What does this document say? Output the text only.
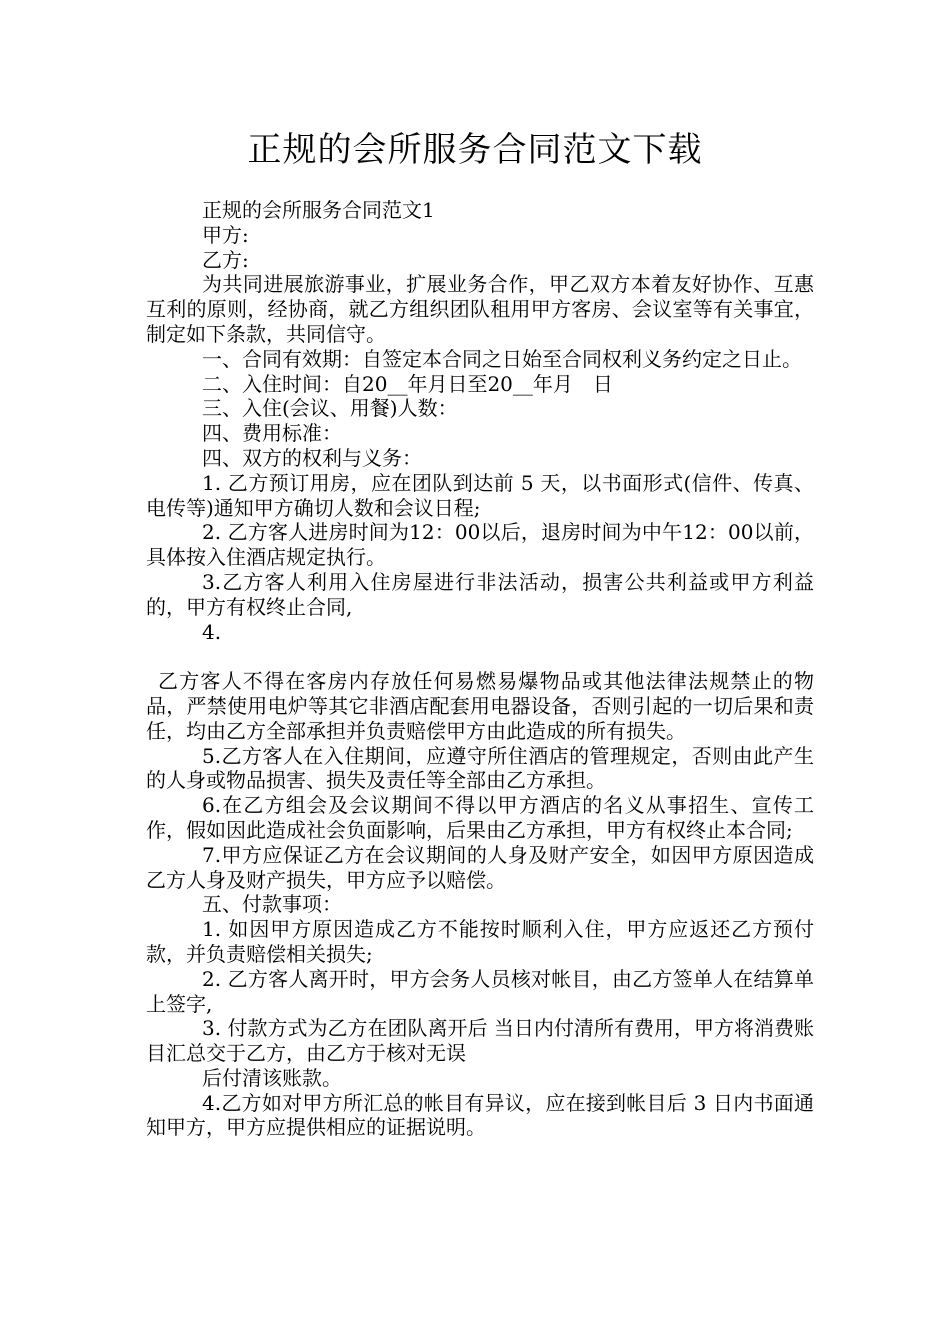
正规的会所服务合同范文下载

正规的会所服务合同范文1

甲方:

乙方:

为共同进展旅游事业，扩展业务合作，甲乙双方本着友好协作、互惠互利的原则，经协商，就乙方组织团队租用甲方客房、会议室等有关事宜，制定如下条款，共同信守。

一、合同有效期：自签定本合同之日始至合同权利义务约定之日止。

二、入住时间：自20__年月日至20__年月　日

三、入住(会议、用餐)人数：

四、费用标准：

四、双方的权利与义务：

1. 乙方预订用房，应在团队到达前 5 天，以书面形式(信件、传真、电传等)通知甲方确切人数和会议日程;

2. 乙方客人进房时间为12：00以后，退房时间为中午12：00以前，具体按入住酒店规定执行。

3.乙方客人利用入住房屋进行非法活动，损害公共利益或甲方利益的，甲方有权终止合同,

4.

乙方客人不得在客房内存放任何易燃易爆物品或其他法律法规禁止的物品，严禁使用电炉等其它非酒店配套用电器设备，否则引起的一切后果和责任，均由乙方全部承担并负责赔偿甲方由此造成的所有损失。

5.乙方客人在入住期间，应遵守所住酒店的管理规定，否则由此产生的人身或物品损害、损失及责任等全部由乙方承担。

6.在乙方组会及会议期间不得以甲方酒店的名义从事招生、宣传工作，假如因此造成社会负面影响，后果由乙方承担，甲方有权终止本合同;

7.甲方应保证乙方在会议期间的人身及财产安全，如因甲方原因造成乙方人身及财产损失，甲方应予以赔偿。

五、付款事项：

1. 如因甲方原因造成乙方不能按时顺利入住，甲方应返还乙方预付款，并负责赔偿相关损失;

2. 乙方客人离开时，甲方会务人员核对帐目，由乙方签单人在结算单上签字,

3. 付款方式为乙方在团队离开后 当日内付清所有费用，甲方将消费账目汇总交于乙方，由乙方于核对无误

后付清该账款。

4.乙方如对甲方所汇总的帐目有异议，应在接到帐目后 3 日内书面通知甲方，甲方应提供相应的证据说明。
